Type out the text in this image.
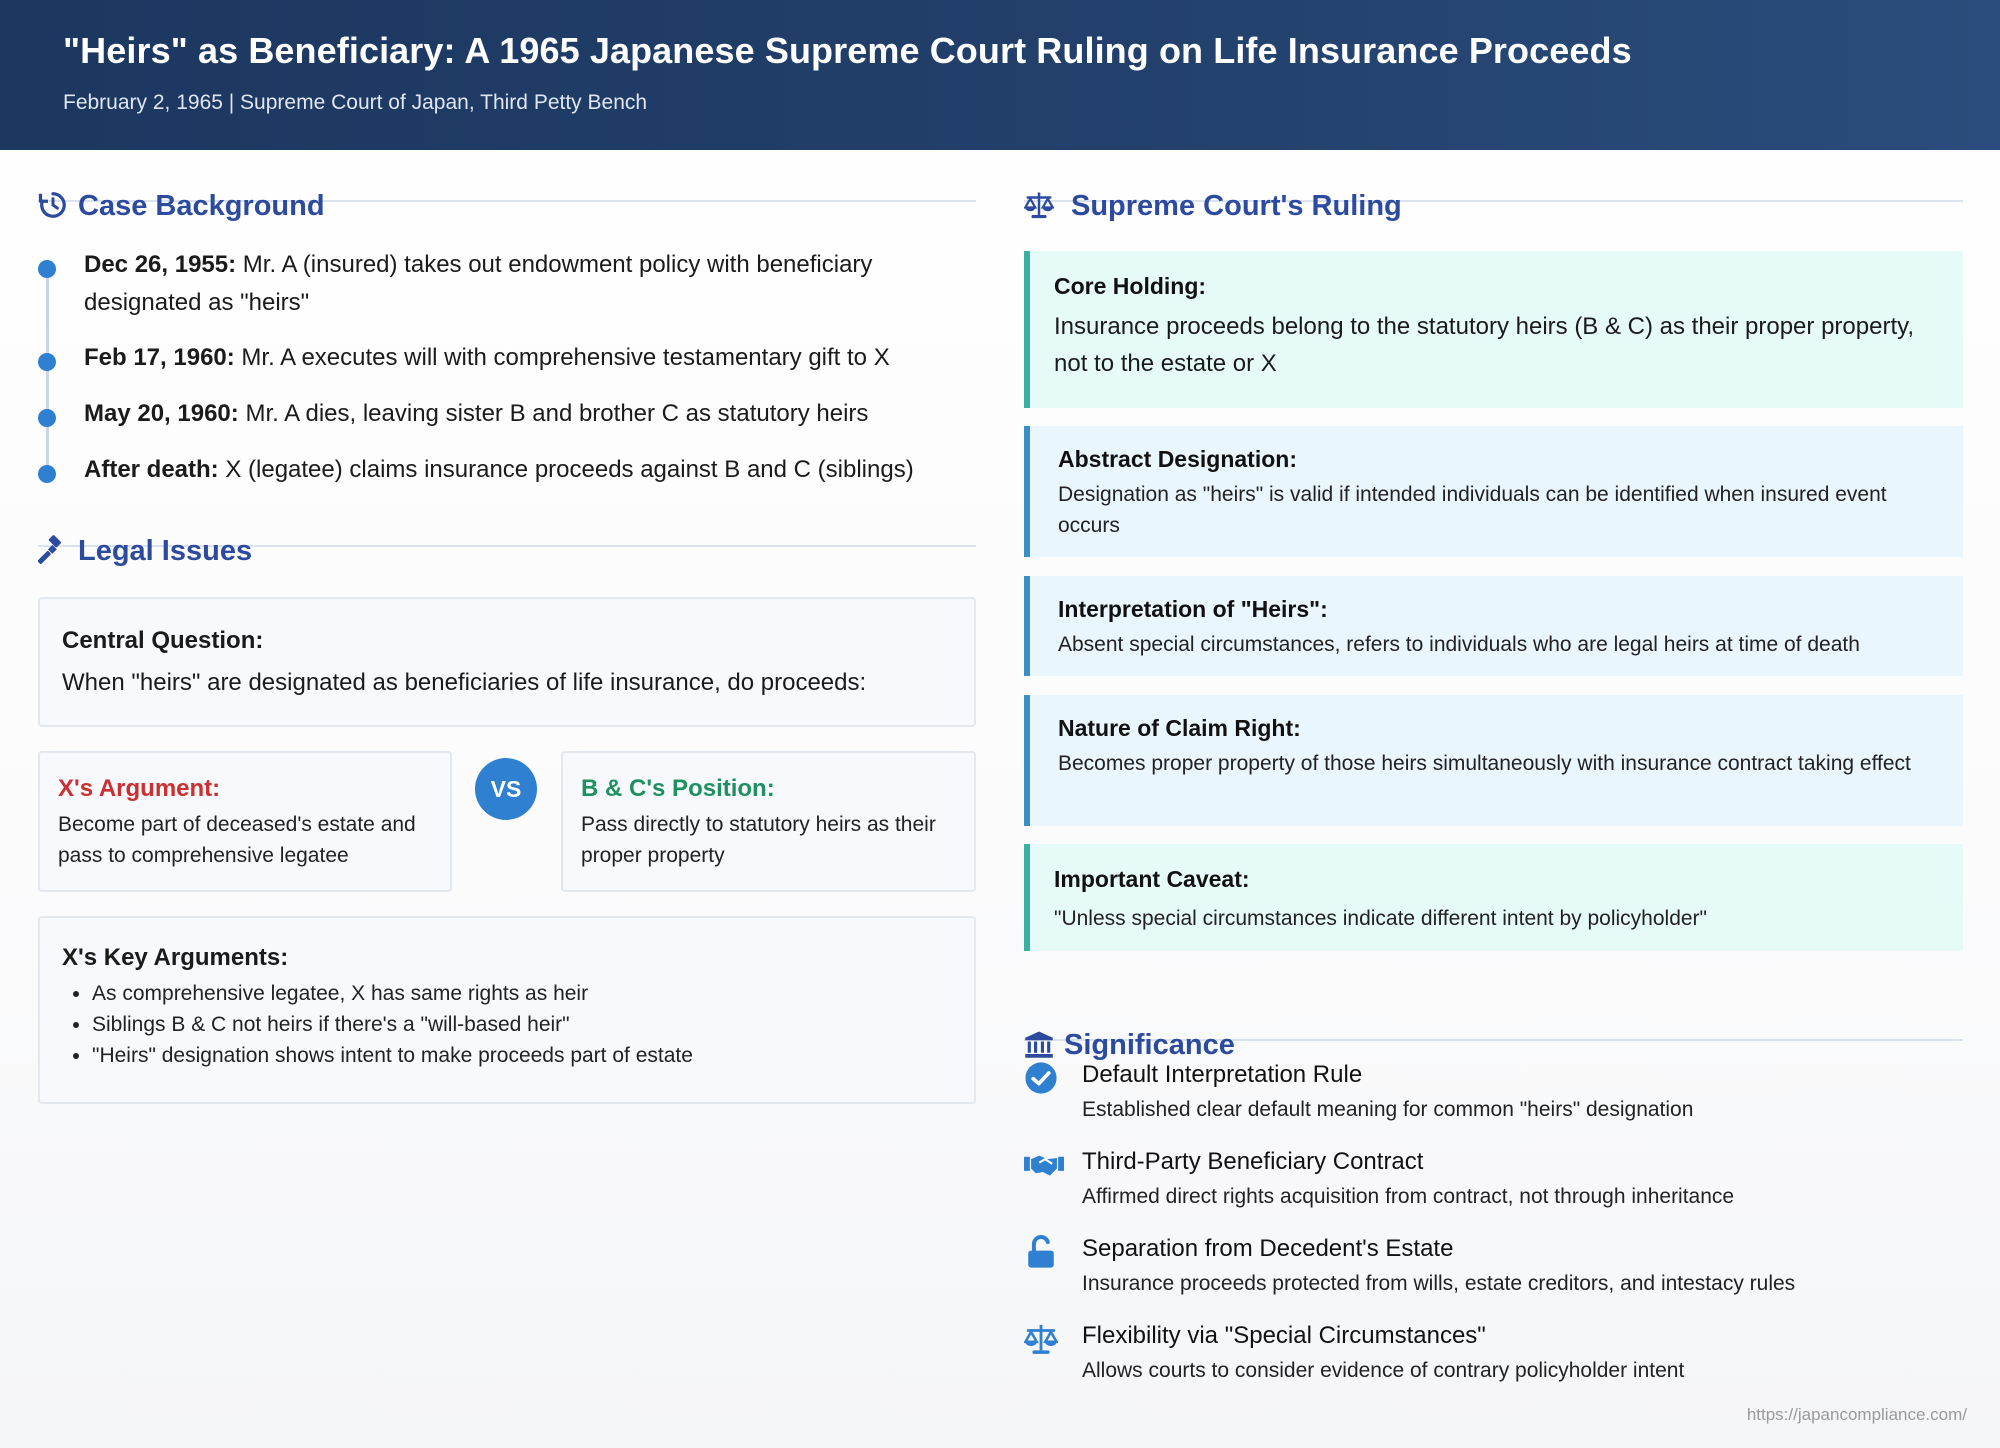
"Heirs" as Beneficiary: A 1965 Japanese Supreme Court Ruling on Life Insurance Proceeds
February 2, 1965 | Supreme Court of Japan, Third Petty Bench
Case Background
Dec 26, 1955: Mr. A (insured) takes out endowment policy with beneficiary designated as "heirs"
Feb 17, 1960: Mr. A executes will with comprehensive testamentary gift to X
May 20, 1960: Mr. A dies, leaving sister B and brother C as statutory heirs
After death: X (legatee) claims insurance proceeds against B and C (siblings)
Legal Issues
Central Question:
When "heirs" are designated as beneficiaries of life insurance, do proceeds:
X's Argument:
Become part of deceased's estate and pass to comprehensive legatee
VS	B & C's Position:
Pass directly to statutory heirs as their proper property
X's Key Arguments:
• As comprehensive legatee, X has same rights as heir
• Siblings B & C not heirs if there's a "will-based heir"
• "Heirs" designation shows intent to make proceeds part of estate
Supreme Court's Ruling
Core Holding:
Insurance proceeds belong to the statutory heirs (B & C) as their proper property, not to the estate or X
Abstract Designation:
Designation as "heirs" is valid if intended individuals can be identified when insured event occurs
Interpretation of "Heirs":
Absent special circumstances, refers to individuals who are legal heirs at time of death
Nature of Claim Right:
Becomes proper property of those heirs simultaneously with insurance contract taking effect
Important Caveat:
"Unless special circumstances indicate different intent by policyholder"
Significance
Default Interpretation Rule
Established clear default meaning for common "heirs" designation
Third-Party Beneficiary Contract
Affirmed direct rights acquisition from contract, not through inheritance
Separation from Decedent's Estate
Insurance proceeds protected from wills, estate creditors, and intestacy rules
Flexibility via "Special Circumstances"
Allows courts to consider evidence of contrary policyholder intent
https://japancompliance.com/
